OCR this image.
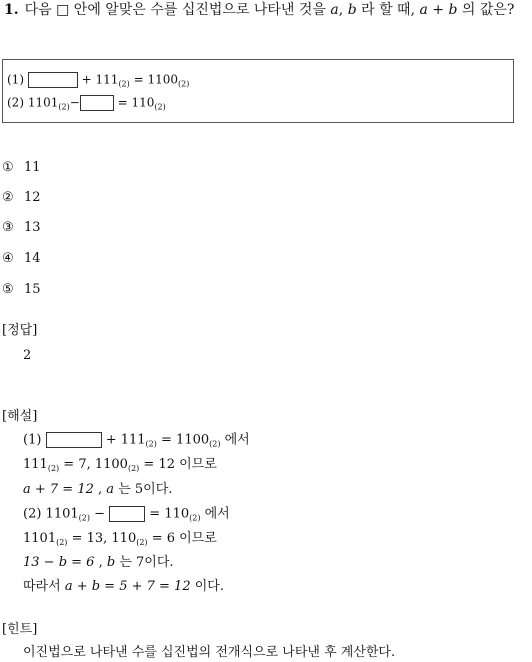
1. 다음 □ 안에 알맞은 수를 십진법으로 나타낸 것을 a, b 라 할 때, a + b 의 값은?
(1)	+ $111_{(2)} = 1100_{(2)}$
(2) $1101_{(2)}-$	= $110_{(2)}$
① 11
② 12
③ 13
④ 14
⑤ 15
[정답]
2
[해설]
(1)	+ $111_{(2)} = 1100_{(2)}$ 에서
$111_{(2)} = 7$, $1100_{(2)} = 12$ 이므로
a + 7 = 12 , a 는 5이다.
(2) $1101_{(2)}$ −	= $110_{(2)}$ 에서
$1101_{(2)} = 13$, $110_{(2)} = 6$ 이므로
13 − b = 6 , b 는 7이다.
따라서 a + b = 5 + 7 = 12 이다.
[힌트]
이진법으로 나타낸 수를 십진법의 전개식으로 나타낸 후 계산한다.
